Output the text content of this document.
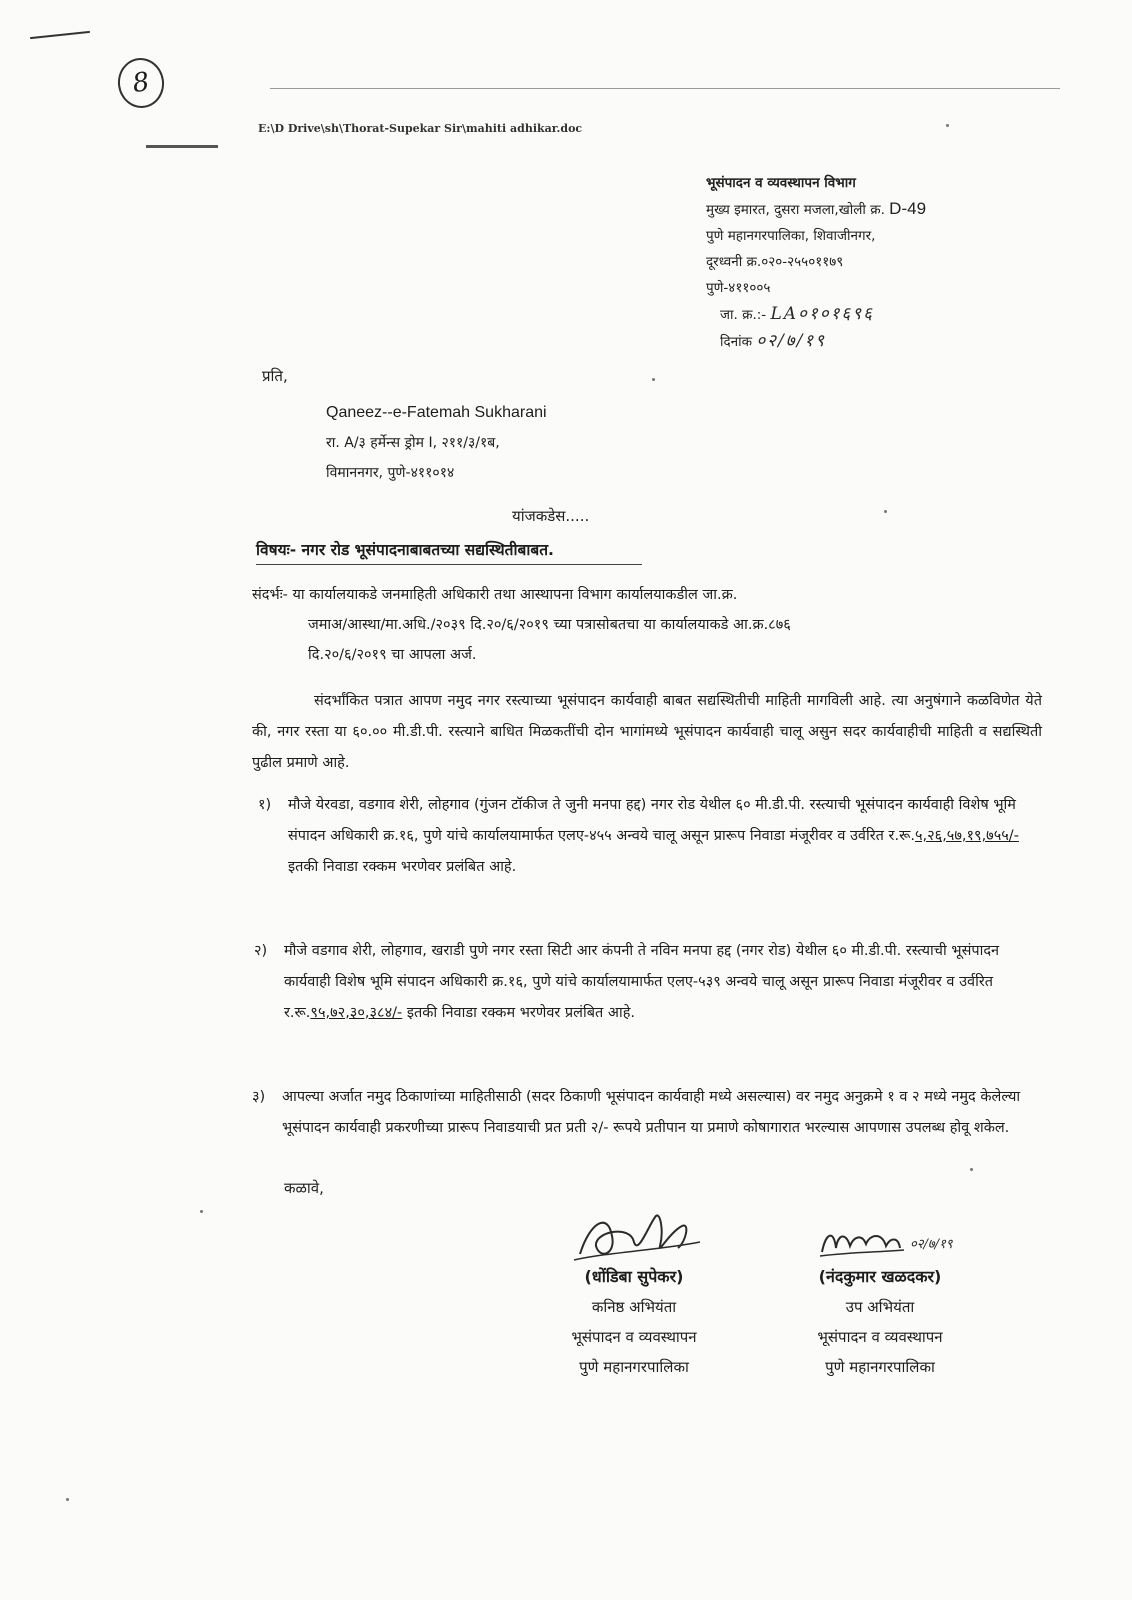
8
E:\D Drive\sh\Thorat-Supekar Sir\mahiti adhikar.doc
भूसंपादन व व्यवस्थापन विभाग
मुख्य इमारत, दुसरा मजला,खोली क्र. D-49
पुणे महानगरपालिका, शिवाजीनगर,
दूरध्वनी क्र.०२०-२५५०११७९
पुणे-४११००५
जा. क्र.:- LA०१०१६९६
दिनांक ०२/७/१९
प्रति,
Qaneez--e-Fatemah Sukharani
रा. A/३ हर्मेन्स ड्रोम I, २११/३/१ब,
विमाननगर, पुणे-४११०१४
यांजकडेस.....
विषयः- नगर रोड भूसंपादनाबाबतच्या सद्यस्थितीबाबत.
संदर्भः- या कार्यालयाकडे जनमाहिती अधिकारी तथा आस्थापना विभाग कार्यालयाकडील जा.क्र.
जमाअ/आस्था/मा.अधि./२०३९ दि.२०/६/२०१९ च्या पत्रासोबतचा या कार्यालयाकडे आ.क्र.८७६
दि.२०/६/२०१९ चा आपला अर्ज.
संदर्भांकित पत्रात आपण नमुद नगर रस्त्याच्या भूसंपादन कार्यवाही बाबत सद्यस्थितीची माहिती मागविली आहे. त्या अनुषंगाने कळविणेत येते की, नगर रस्ता या ६०.०० मी.डी.पी. रस्त्याने बाधित मिळकतींची दोन भागांमध्ये भूसंपादन कार्यवाही चालू असुन सदर कार्यवाहीची माहिती व सद्यस्थिती पुढील प्रमाणे आहे.
१) मौजे येरवडा, वडगाव शेरी, लोहगाव (गुंजन टॉकीज ते जुनी मनपा हद्द) नगर रोड येथील ६० मी.डी.पी. रस्त्याची भूसंपादन कार्यवाही विशेष भूमि संपादन अधिकारी क्र.१६, पुणे यांचे कार्यालयामार्फत एलए-४५५ अन्वये चालू असून प्रारूप निवाडा मंजूरीवर व उर्वरित र.रू.५,२६,५७,१९,७५५/- इतकी निवाडा रक्कम भरणेवर प्रलंबित आहे.
२) मौजे वडगाव शेरी, लोहगाव, खराडी पुणे नगर रस्ता सिटी आर कंपनी ते नविन मनपा हद्द (नगर रोड) येथील ६० मी.डी.पी. रस्त्याची भूसंपादन कार्यवाही विशेष भूमि संपादन अधिकारी क्र.१६, पुणे यांचे कार्यालयामार्फत एलए-५३९ अन्वये चालू असून प्रारूप निवाडा मंजूरीवर व उर्वरित र.रू.९५,७२,३०,३८४/- इतकी निवाडा रक्कम भरणेवर प्रलंबित आहे.
३) आपल्या अर्जात नमुद ठिकाणांच्या माहितीसाठी (सदर ठिकाणी भूसंपादन कार्यवाही मध्ये असल्यास) वर नमुद अनुक्रमे १ व २ मध्ये नमुद केलेल्या भूसंपादन कार्यवाही प्रकरणीच्या प्रारूप निवाडयाची प्रत प्रती २/- रूपये प्रतीपान या प्रमाणे कोषागारात भरल्यास आपणास उपलब्ध होवू शकेल.
कळावे,
०२/७/१९
(धोंडिबा सुपेकर)
कनिष्ठ अभियंता
भूसंपादन व व्यवस्थापन
पुणे महानगरपालिका
(नंदकुमार खळदकर)
उप अभियंता
भूसंपादन व व्यवस्थापन
पुणे महानगरपालिका
